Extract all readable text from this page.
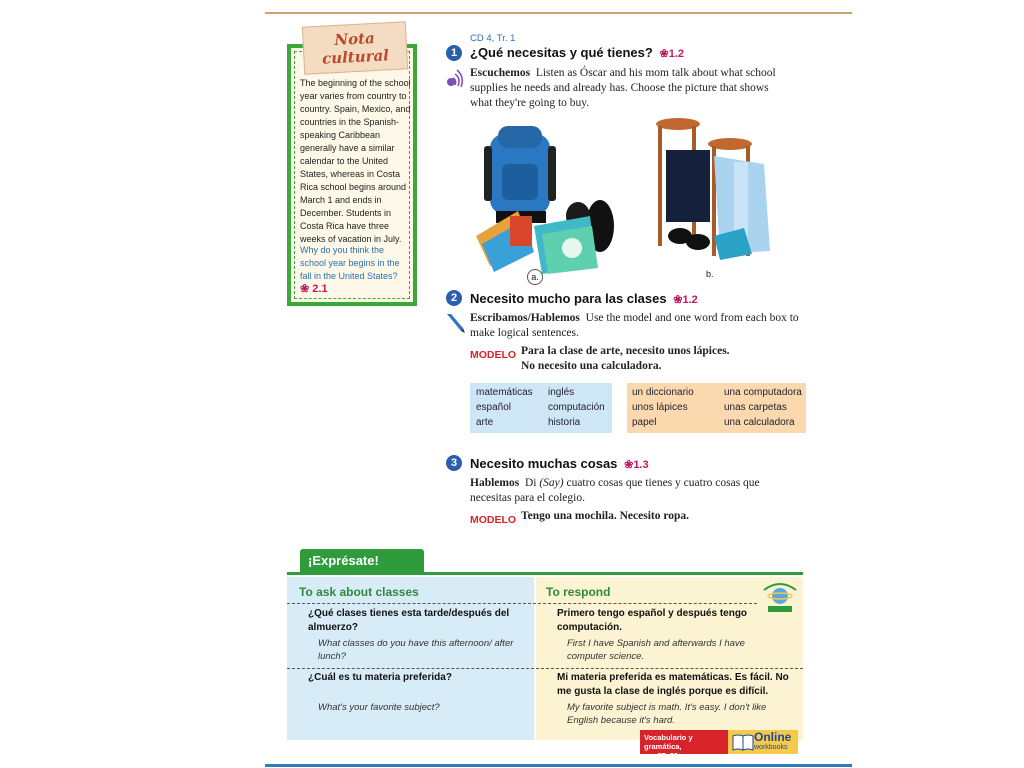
Nota
cultural
The beginning of the school year varies from country to country. Spain, Mexico, and countries in the Spanish-speaking Caribbean generally have a similar calendar to the United States, whereas in Costa Rica school begins around March 1 and ends in December. Students in Costa Rica have three weeks of vacation in July.
Why do you think the school year begins in the fall in the United States?
❀ 2.1
CD 4, Tr. 1
1 ¿Qué necesitas y qué tienes?  ❀1.2
Escuchemos Listen as Óscar and his mom talk about what school supplies he needs and already has. Choose the picture that shows what they're going to buy.
a.	b.
2 Necesito mucho para las clases  ❀1.2
Escribamos/Hablemos Use the model and one word from each box to make logical sentences.
MODELO Para la clase de arte, necesito unos lápices.
No necesito una calculadora.
matemáticas
español
arte
inglés
computación
historia
un diccionario
unos lápices
papel
una computadora
unas carpetas
una calculadora
3 Necesito muchas cosas  ❀1.3
Hablemos Di (Say) cuatro cosas que tienes y cuatro cosas que necesitas para el colegio.
MODELO Tengo una mochila. Necesito ropa.
¡Exprésate!
To ask about classes	To respond
¿Qué clases tienes esta tarde/después del almuerzo?
What classes do you have this afternoon/ after lunch?
Primero tengo español y después tengo computación.
First I have Spanish and afterwards I have computer science.
¿Cuál es tu materia preferida?
What's your favorite subject?
Mi materia preferida es matemáticas. Es fácil. No me gusta la clase de inglés porque es difícil.
My favorite subject is math. It's easy. I don't like English because it's hard.
Vocabulario y gramática,
pp. 37–39
Online
workbooks
